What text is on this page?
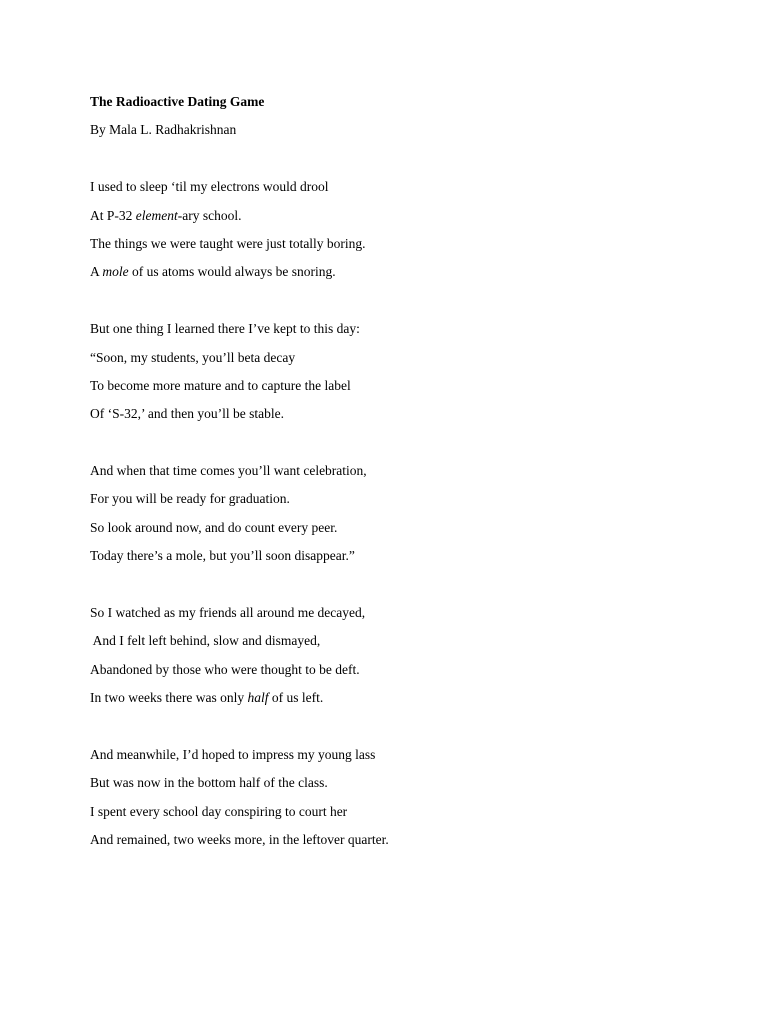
The Radioactive Dating Game
By Mala L. Radhakrishnan
I used to sleep ‘til my electrons would drool
At P-32 element-ary school.
The things we were taught were just totally boring.
A mole of us atoms would always be snoring.
But one thing I learned there I’ve kept to this day:
“Soon, my students, you’ll beta decay
To become more mature and to capture the label
Of ‘S-32,’ and then you’ll be stable.
And when that time comes you’ll want celebration,
For you will be ready for graduation.
So look around now, and do count every peer.
Today there’s a mole, but you’ll soon disappear.”
So I watched as my friends all around me decayed,
And I felt left behind, slow and dismayed,
Abandoned by those who were thought to be deft.
In two weeks there was only half of us left.
And meanwhile, I’d hoped to impress my young lass
But was now in the bottom half of the class.
I spent every school day conspiring to court her
And remained, two weeks more, in the leftover quarter.
